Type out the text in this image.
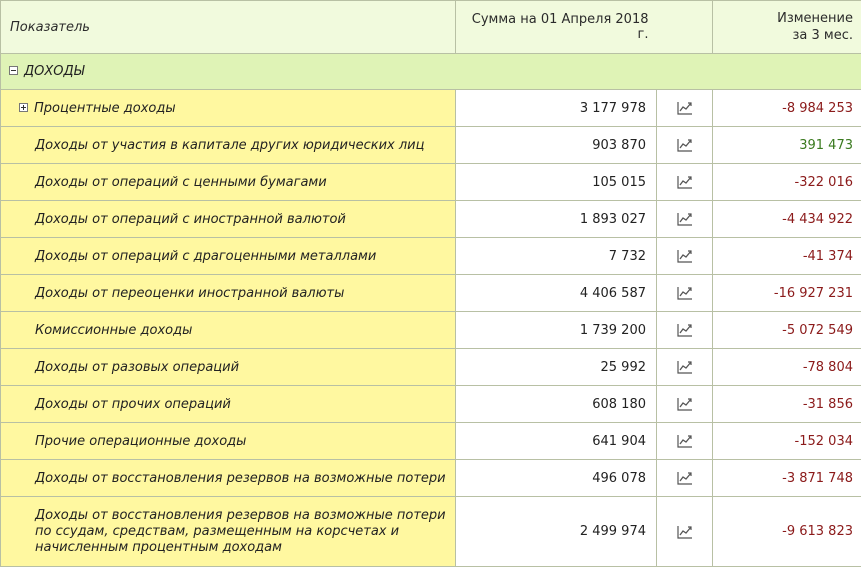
Показатель	Сумма на 01 Апреля 2018 г.		Изменение
за 3 мес.
ДОХОДЫ			
Процентные доходы	3 177 978		-8 984 253
Доходы от участия в капитале других юридических лиц	903 870		391 473
Доходы от операций с ценными бумагами	105 015		-322 016
Доходы от операций с иностранной валютой	1 893 027		-4 434 922
Доходы от операций с драгоценными металлами	7 732		-41 374
Доходы от переоценки иностранной валюты	4 406 587		-16 927 231
Комиссионные доходы	1 739 200		-5 072 549
Доходы от разовых операций	25 992		-78 804
Доходы от прочих операций	608 180		-31 856
Прочие операционные доходы	641 904		-152 034
Доходы от восстановления резервов на возможные потери	496 078		-3 871 748
Доходы от восстановления резервов на возможные потери по ссудам, средствам, размещенным на корсчетах и начисленным процентным доходам	2 499 974		-9 613 823
